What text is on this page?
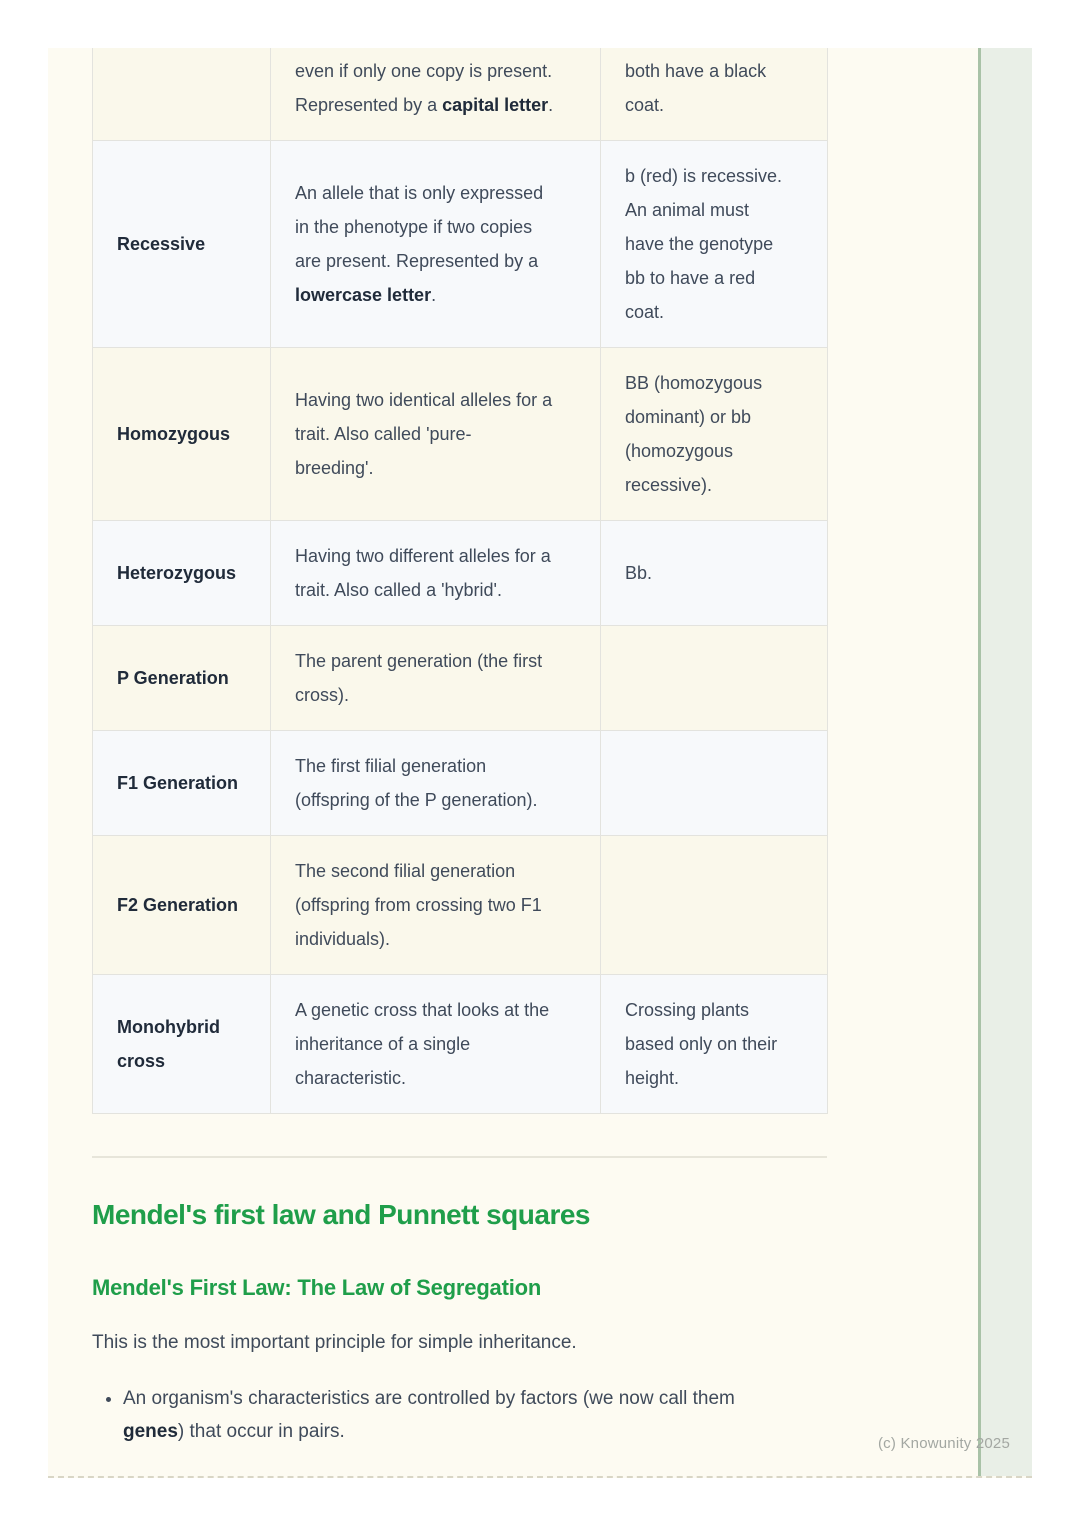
	even if only one copy is present.
Represented by a capital letter.	both have a black
coat.

Recessive	An allele that is only expressed
in the phenotype if two copies
are present. Represented by a
lowercase letter.	b (red) is recessive.
An animal must
have the genotype
bb to have a red
coat.

Homozygous	Having two identical alleles for a
trait. Also called 'pure-
breeding'.	BB (homozygous
dominant) or bb
(homozygous
recessive).

Heterozygous	Having two different alleles for a
trait. Also called a 'hybrid'.	Bb.

P Generation	The parent generation (the first
cross).	

F1 Generation	The first filial generation
(offspring of the P generation).	

F2 Generation	The second filial generation
(offspring from crossing two F1
individuals).	

Monohybrid cross	A genetic cross that looks at the
inheritance of a single
characteristic.	Crossing plants
based only on their
height.
Mendel's first law and Punnett squares
Mendel's First Law: The Law of Segregation

This is the most important principle for simple inheritance.

• An organism's characteristics are controlled by factors (we now call them
genes) that occur in pairs.
(c) Knowunity 2025
